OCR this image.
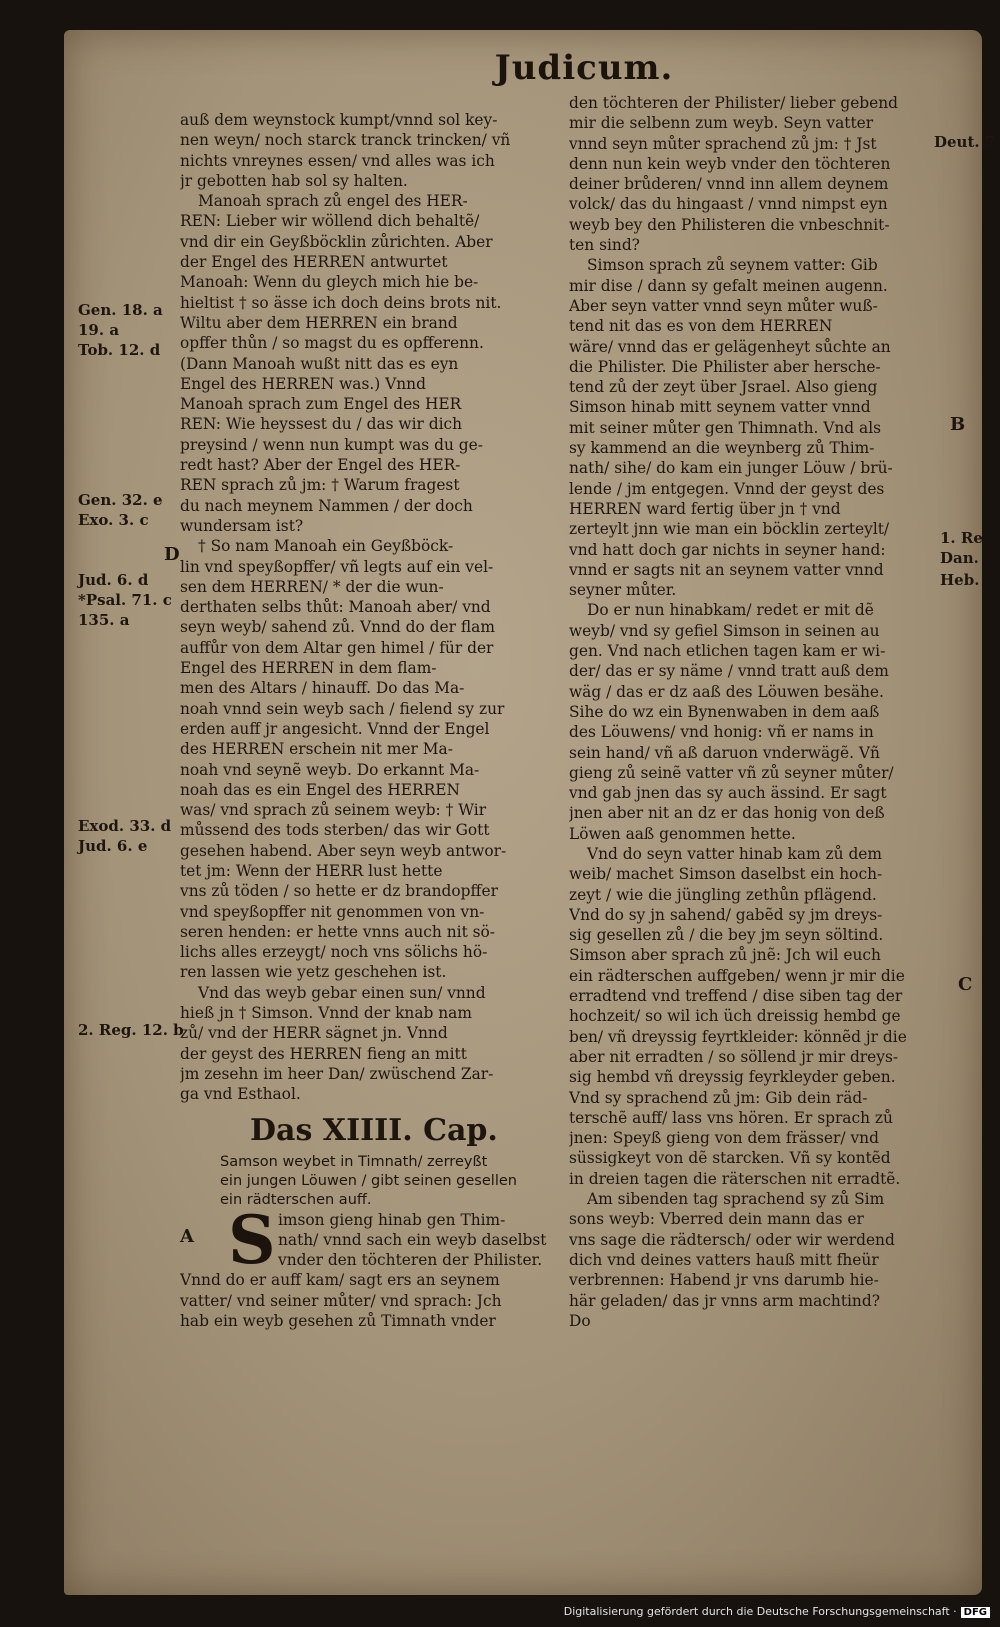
Judicum.
auß dem weynstock kumpt/vnnd sol key-
nen weyn/ noch starck tranck trincken/ vñ
nichts vnreynes essen/ vnd alles was ich
jr gebotten hab sol sy halten.
Manoah sprach zů engel des HER-
REN: Lieber wir wöllend dich behaltẽ/
vnd dir ein Geyßböcklin zůrichten. Aber
der Engel des HERREN antwurtet
Manoah: Wenn du gleych mich hie be-
hieltist † so ässe ich doch deins brots nit.
Wiltu aber dem HERREN ein brand
opffer thůn / so magst du es opfferenn.
(Dann Manoah wußt nitt das es eyn
Engel des HERREN was.) Vnnd
Manoah sprach zum Engel des HER
REN: Wie heyssest du / das wir dich
preysind / wenn nun kumpt was du ge-
redt hast? Aber der Engel des HER-
REN sprach zů jm: † Warum fragest
du nach meynem Nammen / der doch
wundersam ist?
† So nam Manoah ein Geyßböck-
lin vnd speyßopffer/ vñ legts auf ein vel-
sen dem HERREN/ * der die wun-
derthaten selbs thůt: Manoah aber/ vnd
seyn weyb/ sahend zů. Vnnd do der flam
auffůr von dem Altar gen himel / für der
Engel des HERREN in dem flam-
men des Altars / hinauff. Do das Ma-
noah vnnd sein weyb sach / fielend sy zur
erden auff jr angesicht. Vnnd der Engel
des HERREN erschein nit mer Ma-
noah vnd seynẽ weyb. Do erkannt Ma-
noah das es ein Engel des HERREN
was/ vnd sprach zů seinem weyb: † Wir
můssend des tods sterben/ das wir Gott
gesehen habend. Aber seyn weyb antwor-
tet jm: Wenn der HERR lust hette
vns zů töden / so hette er dz brandopffer
vnd speyßopffer nit genommen von vn-
seren henden: er hette vnns auch nit sö-
lichs alles erzeygt/ noch vns sölichs hö-
ren lassen wie yetz geschehen ist.
Vnd das weyb gebar einen sun/ vnnd
hieß jn † Simson. Vnnd der knab nam
zů/ vnd der HERR sägnet jn. Vnnd
der geyst des HERREN fieng an mitt
jm zesehn im heer Dan/ zwüschend Zar-
ga vnd Esthaol.
Das XIIII. Cap.
Samson weybet in Timnath/ zerreyßt
ein jungen Löuwen / gibt seinen gesellen
ein rädterschen auff.
S imson gieng hinab gen Thim-
nath/ vnnd sach ein weyb daselbst
vnder den töchteren der Philister.
Vnnd do er auff kam/ sagt ers an seynem
vatter/ vnd seiner můter/ vnd sprach: Jch
hab ein weyb gesehen zů Timnath vnder
den töchteren der Philister/ lieber gebend
mir die selbenn zum weyb. Seyn vatter
vnnd seyn můter sprachend zů jm: † Jst
denn nun kein weyb vnder den töchteren
deiner brůderen/ vnnd inn allem deynem
volck/ das du hingaast / vnnd nimpst eyn
weyb bey den Philisteren die vnbeschnit-
ten sind?
Simson sprach zů seynem vatter: Gib
mir dise / dann sy gefalt meinen augenn.
Aber seyn vatter vnnd seyn můter wuß-
tend nit das es von dem HERREN
wäre/ vnnd das er gelägenheyt sůchte an
die Philister. Die Philister aber hersche-
tend zů der zeyt über Jsrael. Also gieng
Simson hinab mitt seynem vatter vnnd
mit seiner můter gen Thimnath. Vnd als
sy kammend an die weynberg zů Thim-
nath/ sihe/ do kam ein junger Löuw / brü-
lende / jm entgegen. Vnnd der geyst des
HERREN ward fertig über jn † vnd
zerteylt jnn wie man ein böcklin zerteylt/
vnd hatt doch gar nichts in seyner hand:
vnnd er sagts nit an seynem vatter vnnd
seyner můter.
Do er nun hinabkam/ redet er mit dẽ
weyb/ vnd sy gefiel Simson in seinen au
gen. Vnd nach etlichen tagen kam er wi-
der/ das er sy näme / vnnd tratt auß dem
wäg / das er dz aaß des Löuwen besähe.
Sihe do wz ein Bynenwaben in dem aaß
des Löuwens/ vnd honig: vñ er nams in
sein hand/ vñ aß daruon vnderwägẽ. Vñ
gieng zů seinẽ vatter vñ zů seyner můter/
vnd gab jnen das sy auch ässind. Er sagt
jnen aber nit an dz er das honig von deß
Löwen aaß genommen hette.
Vnd do seyn vatter hinab kam zů dem
weib/ machet Simson daselbst ein hoch-
zeyt / wie die jüngling zethůn pflägend.
Vnd do sy jn sahend/ gabẽd sy jm dreys-
sig gesellen zů / die bey jm seyn söltind.
Simson aber sprach zů jnẽ: Jch wil euch
ein rädterschen auffgeben/ wenn jr mir die
erradtend vnd treffend / dise siben tag der
hochzeit/ so wil ich üch dreissig hembd ge
ben/ vñ dreyssig feyrtkleider: könnẽd jr die
aber nit erradten / so söllend jr mir dreys-
sig hembd vñ dreyssig feyrkleyder geben.
Vnd sy sprachend zů jm: Gib dein räd-
terschẽ auff/ lass vns hören. Er sprach zů
jnen: Speyß gieng von dem frässer/ vnd
süssigkeyt von dẽ starcken. Vñ sy kontẽd
in dreien tagen die räterschen nit erradtẽ.
Am sibenden tag sprachend sy zů Sim
sons weyb: Vberred dein mann das er
vns sage die rädtersch/ oder wir werdend
dich vnd deines vatters hauß mitt fheür
verbrennen: Habend jr vns darumb hie-
här geladen/ das jr vnns arm machtind?
Do
Gen. 18. a
19. a
Tob. 12. d
Gen. 32. e
Exo. 3. c
Jud. 6. d
*Psal. 71. c
135. a
Exod. 33. d
Jud. 6. e
2. Reg. 12. b
Deut. 7
1. Re
Dan.
Heb.
D
A
B
C
Digitalisierung gefördert durch die Deutsche Forschungsgemeinschaft · DFG
